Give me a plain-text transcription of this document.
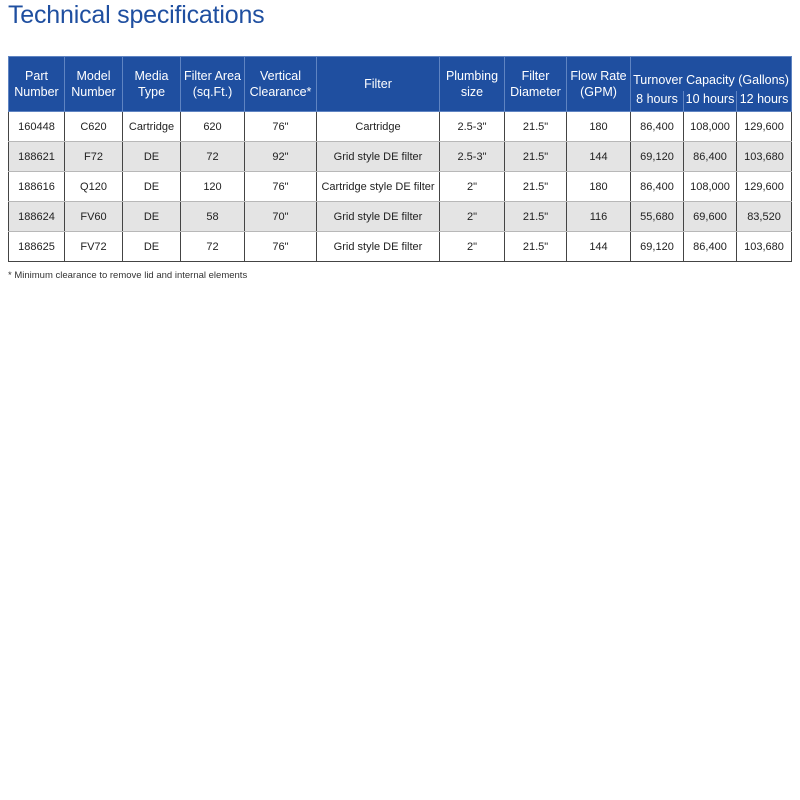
Technical specifications
Part Number	Model Number	Media Type	Filter Area (sq.Ft.)	Vertical Clearance*	Filter	Plumbing size	Filter Diameter	Flow Rate (GPM)	Turnover Capacity (Gallons)		
									8 hours	10 hours	12 hours
160448	C620	Cartridge	620	76"	Cartridge	2.5-3"	21.5"	180	86,400	108,000	129,600
188621	F72	DE	72	92"	Grid style DE filter	2.5-3"	21.5"	144	69,120	86,400	103,680
188616	Q120	DE	120	76"	Cartridge style DE filter	2"	21.5"	180	86,400	108,000	129,600
188624	FV60	DE	58	70"	Grid style DE filter	2"	21.5"	116	55,680	69,600	83,520
188625	FV72	DE	72	76"	Grid style DE filter	2"	21.5"	144	69,120	86,400	103,680
* Minimum clearance to remove lid and internal elements
